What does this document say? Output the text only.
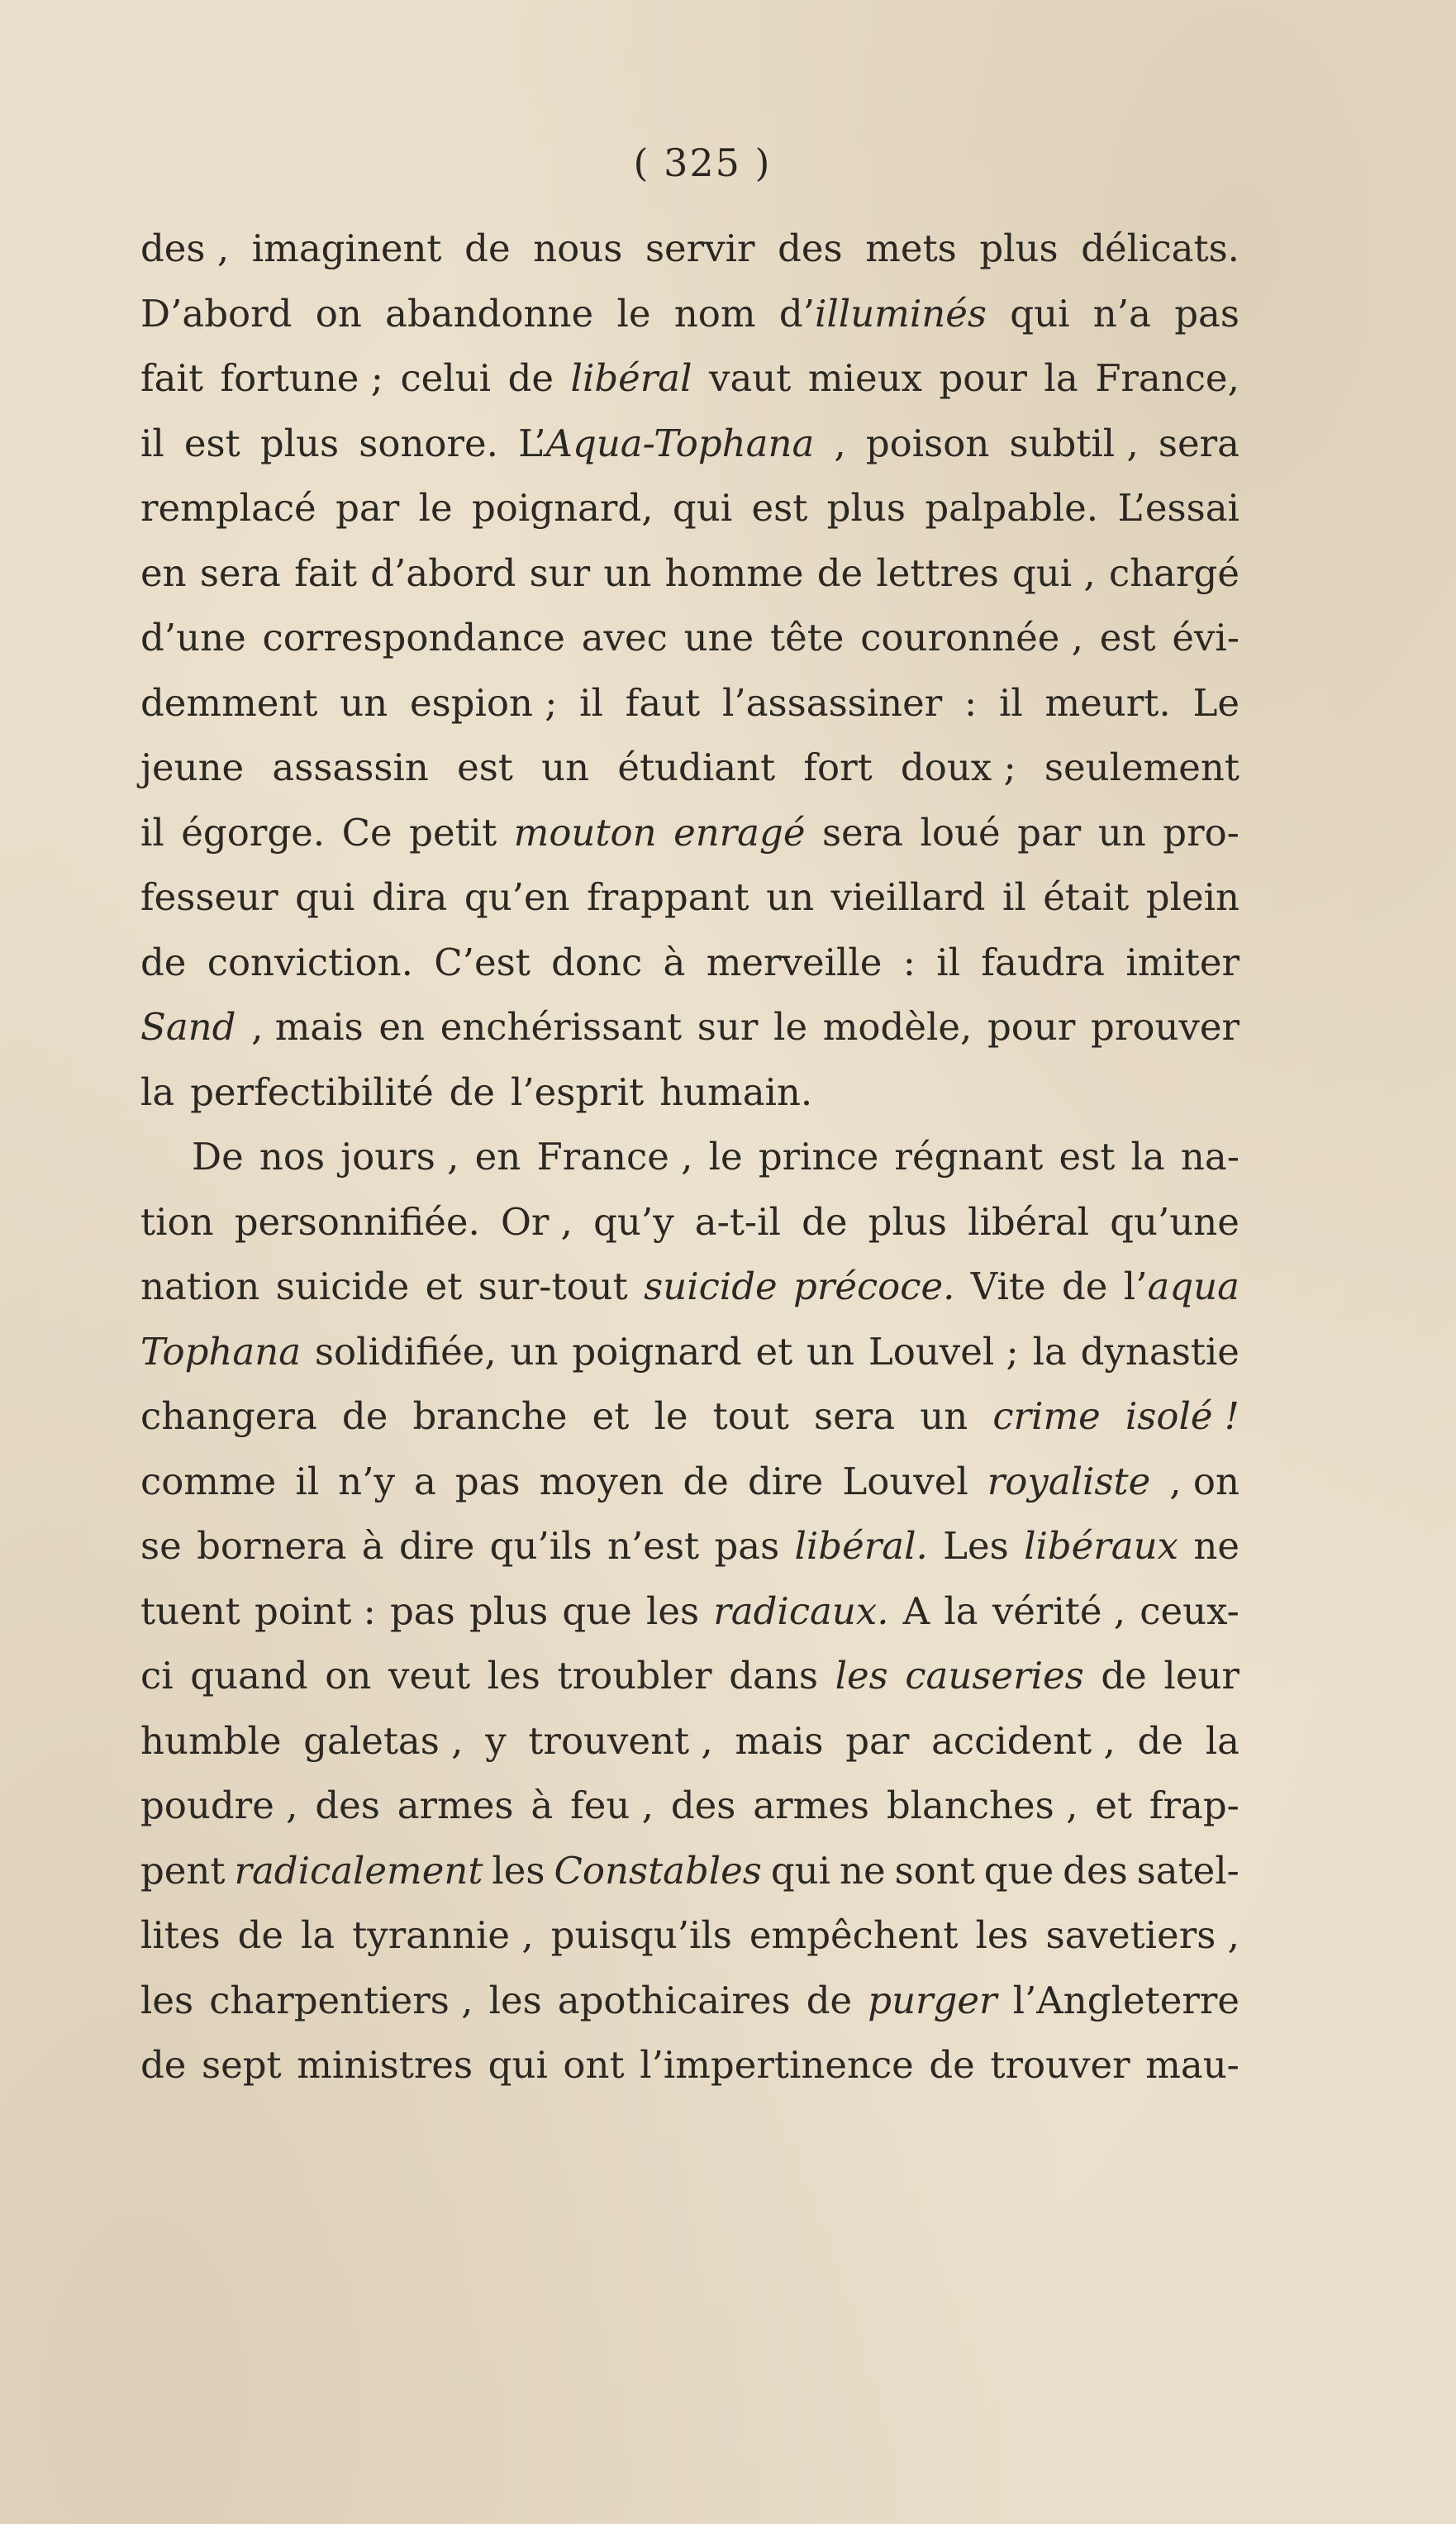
( 325 )
des , imaginent de nous servir des mets plus délicats.
D’abord on abandonne le nom d’illuminés qui n’a pas
fait fortune ; celui de libéral vaut mieux pour la France,
il est plus sonore. L’Aqua-Tophana , poison subtil , sera
remplacé par le poignard, qui est plus palpable. L’essai
en sera fait d’abord sur un homme de lettres qui , chargé
d’une correspondance avec une tête couronnée , est évi-
demment un espion ; il faut l’assassiner : il meurt. Le
jeune assassin est un étudiant fort doux ; seulement
il égorge. Ce petit mouton enragé sera loué par un pro-
fesseur qui dira qu’en frappant un vieillard il était plein
de conviction. C’est donc à merveille : il faudra imiter
Sand , mais en enchérissant sur le modèle, pour prouver
la perfectibilité de l’esprit humain.
De nos jours , en France , le prince régnant est la na-
tion personnifiée. Or , qu’y a-t-il de plus libéral qu’une
nation suicide et sur-tout suicide précoce. Vite de l’aqua
Tophana solidifiée, un poignard et un Louvel ; la dynastie
changera de branche et le tout sera un crime isolé !
comme il n’y a pas moyen de dire Louvel royaliste , on
se bornera à dire qu’ils n’est pas libéral. Les libéraux ne
tuent point : pas plus que les radicaux. A la vérité , ceux-
ci quand on veut les troubler dans les causeries de leur
humble galetas , y trouvent , mais par accident , de la
poudre , des armes à feu , des armes blanches , et frap-
pent radicalement les Constables qui ne sont que des satel-
lites de la tyrannie , puisqu’ils empêchent les savetiers ,
les charpentiers , les apothicaires de purger l’Angleterre
de sept ministres qui ont l’impertinence de trouver mau-
